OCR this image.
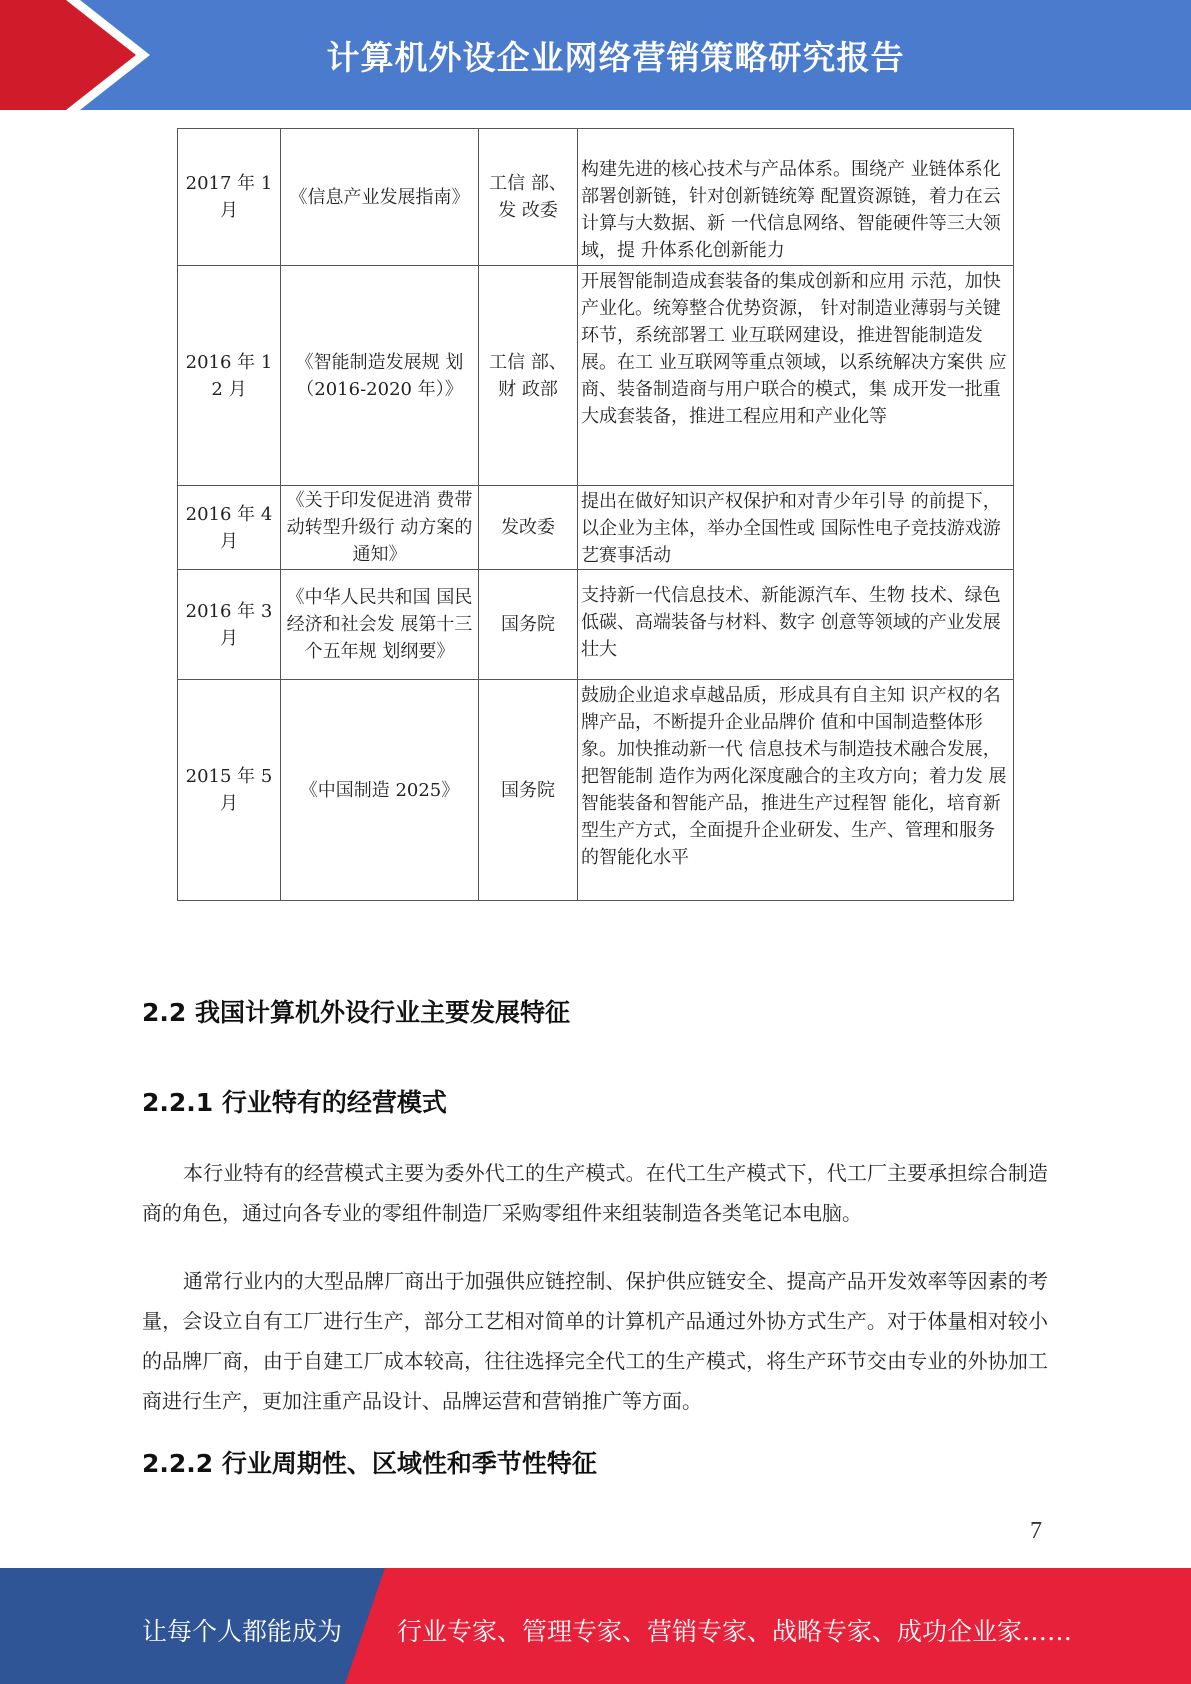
计算机外设企业网络营销策略研究报告
2017 年 1 月	《信息产业发展指南》	工信 部、发 改委	构建先进的核心技术与产品体系。围绕产 业链体系化部署创新链，针对创新链统筹 配置资源链，着力在云计算与大数据、新 一代信息网络、智能硬件等三大领域，提 升体系化创新能力
2016 年 12 月	《智能制造发展规 划（2016-2020 年）》	工信 部、财 政部	开展智能制造成套装备的集成创新和应用 示范，加快产业化。统筹整合优势资源， 针对制造业薄弱与关键环节，系统部署工 业互联网建设，推进智能制造发展。在工 业互联网等重点领域，以系统解决方案供 应商、装备制造商与用户联合的模式，集 成开发一批重大成套装备，推进工程应用和产业化等
2016 年 4 月	《关于印发促进消 费带动转型升级行 动方案的通知》	发改委	提出在做好知识产权保护和对青少年引导 的前提下，以企业为主体，举办全国性或 国际性电子竞技游戏游艺赛事活动
2016 年 3 月	《中华人民共和国 国民经济和社会发 展第十三个五年规 划纲要》	国务院	支持新一代信息技术、新能源汽车、生物 技术、绿色低碳、高端装备与材料、数字 创意等领域的产业发展壮大
2015 年 5 月	《中国制造 2025》	国务院	鼓励企业追求卓越品质，形成具有自主知 识产权的名牌产品，不断提升企业品牌价 值和中国制造整体形象。加快推动新一代 信息技术与制造技术融合发展，把智能制 造作为两化深度融合的主攻方向；着力发 展智能装备和智能产品，推进生产过程智 能化，培育新型生产方式，全面提升企业研发、生产、管理和服务的智能化水平
2.2 我国计算机外设行业主要发展特征
2.2.1 行业特有的经营模式
本行业特有的经营模式主要为委外代工的生产模式。在代工生产模式下，代工厂主要承担综合制造商的角色，通过向各专业的零组件制造厂采购零组件来组装制造各类笔记本电脑。
通常行业内的大型品牌厂商出于加强供应链控制、保护供应链安全、提高产品开发效率等因素的考量，会设立自有工厂进行生产，部分工艺相对简单的计算机产品通过外协方式生产。对于体量相对较小的品牌厂商，由于自建工厂成本较高，往往选择完全代工的生产模式，将生产环节交由专业的外协加工商进行生产，更加注重产品设计、品牌运营和营销推广等方面。
2.2.2 行业周期性、区域性和季节性特征
7
让每个人都能成为 行业专家、管理专家、营销专家、战略专家、成功企业家……
